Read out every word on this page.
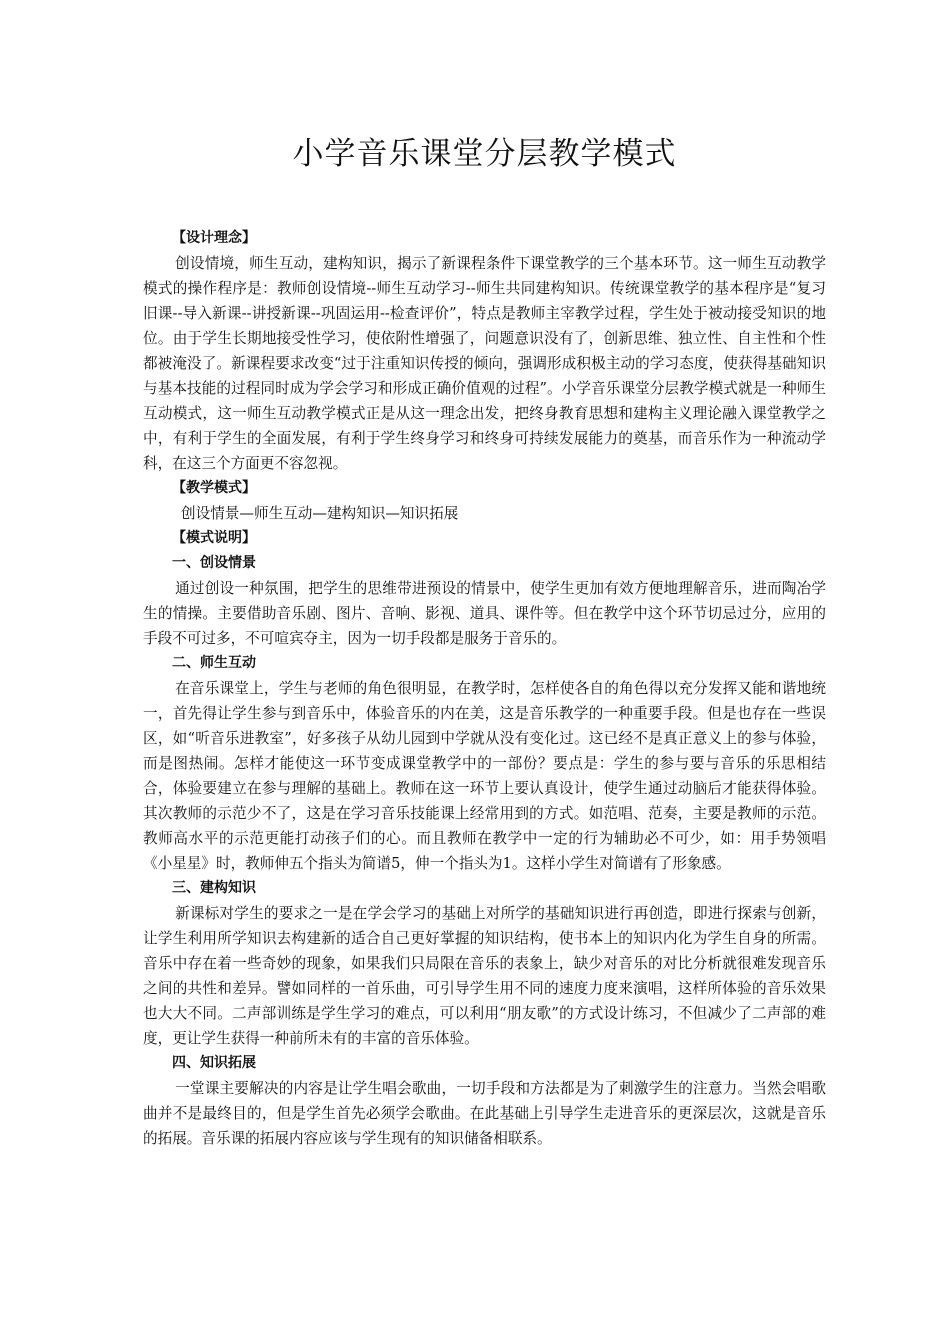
小学音乐课堂分层教学模式

【设计理念】

创设情境，师生互动，建构知识，揭示了新课程条件下课堂教学的三个基本环节。这一师生互动教学模式的操作程序是：教师创设情境--师生互动学习--师生共同建构知识。传统课堂教学的基本程序是“复习旧课--导入新课--讲授新课--巩固运用--检查评价”，特点是教师主宰教学过程，学生处于被动接受知识的地位。由于学生长期地接受性学习，使依附性增强了，问题意识没有了，创新思维、独立性、自主性和个性都被淹没了。新课程要求改变“过于注重知识传授的倾向，强调形成积极主动的学习态度，使获得基础知识与基本技能的过程同时成为学会学习和形成正确价值观的过程”。小学音乐课堂分层教学模式就是一种师生互动模式，这一师生互动教学模式正是从这一理念出发，把终身教育思想和建构主义理论融入课堂教学之中，有利于学生的全面发展，有利于学生终身学习和终身可持续发展能力的奠基，而音乐作为一种流动学科，在这三个方面更不容忽视。

【教学模式】

创设情景—师生互动—建构知识—知识拓展

【模式说明】

一、创设情景

通过创设一种氛围，把学生的思维带进预设的情景中，使学生更加有效方便地理解音乐，进而陶冶学生的情操。主要借助音乐剧、图片、音响、影视、道具、课件等。但在教学中这个环节切忌过分，应用的手段不可过多，不可喧宾夺主，因为一切手段都是服务于音乐的。

二、师生互动

在音乐课堂上，学生与老师的角色很明显，在教学时，怎样使各自的角色得以充分发挥又能和谐地统一，首先得让学生参与到音乐中，体验音乐的内在美，这是音乐教学的一种重要手段。但是也存在一些误区，如“听音乐进教室”，好多孩子从幼儿园到中学就从没有变化过。这已经不是真正意义上的参与体验，而是图热闹。怎样才能使这一环节变成课堂教学中的一部份？要点是：学生的参与要与音乐的乐思相结合，体验要建立在参与理解的基础上。教师在这一环节上要认真设计，使学生通过动脑后才能获得体验。其次教师的示范少不了，这是在学习音乐技能课上经常用到的方式。如范唱、范奏，主要是教师的示范。教师高水平的示范更能打动孩子们的心。而且教师在教学中一定的行为辅助必不可少，如：用手势领唱《小星星》时，教师伸五个指头为简谱5，伸一个指头为1。这样小学生对简谱有了形象感。

三、建构知识

新课标对学生的要求之一是在学会学习的基础上对所学的基础知识进行再创造，即进行探索与创新，让学生利用所学知识去构建新的适合自己更好掌握的知识结构，使书本上的知识内化为学生自身的所需。音乐中存在着一些奇妙的现象，如果我们只局限在音乐的表象上，缺少对音乐的对比分析就很难发现音乐之间的共性和差异。譬如同样的一首乐曲，可引导学生用不同的速度力度来演唱，这样所体验的音乐效果也大大不同。二声部训练是学生学习的难点，可以利用“朋友歌”的方式设计练习，不但减少了二声部的难度，更让学生获得一种前所未有的丰富的音乐体验。

四、知识拓展

一堂课主要解决的内容是让学生唱会歌曲，一切手段和方法都是为了刺激学生的注意力。当然会唱歌曲并不是最终目的，但是学生首先必须学会歌曲。在此基础上引导学生走进音乐的更深层次，这就是音乐的拓展。音乐课的拓展内容应该与学生现有的知识储备相联系。
